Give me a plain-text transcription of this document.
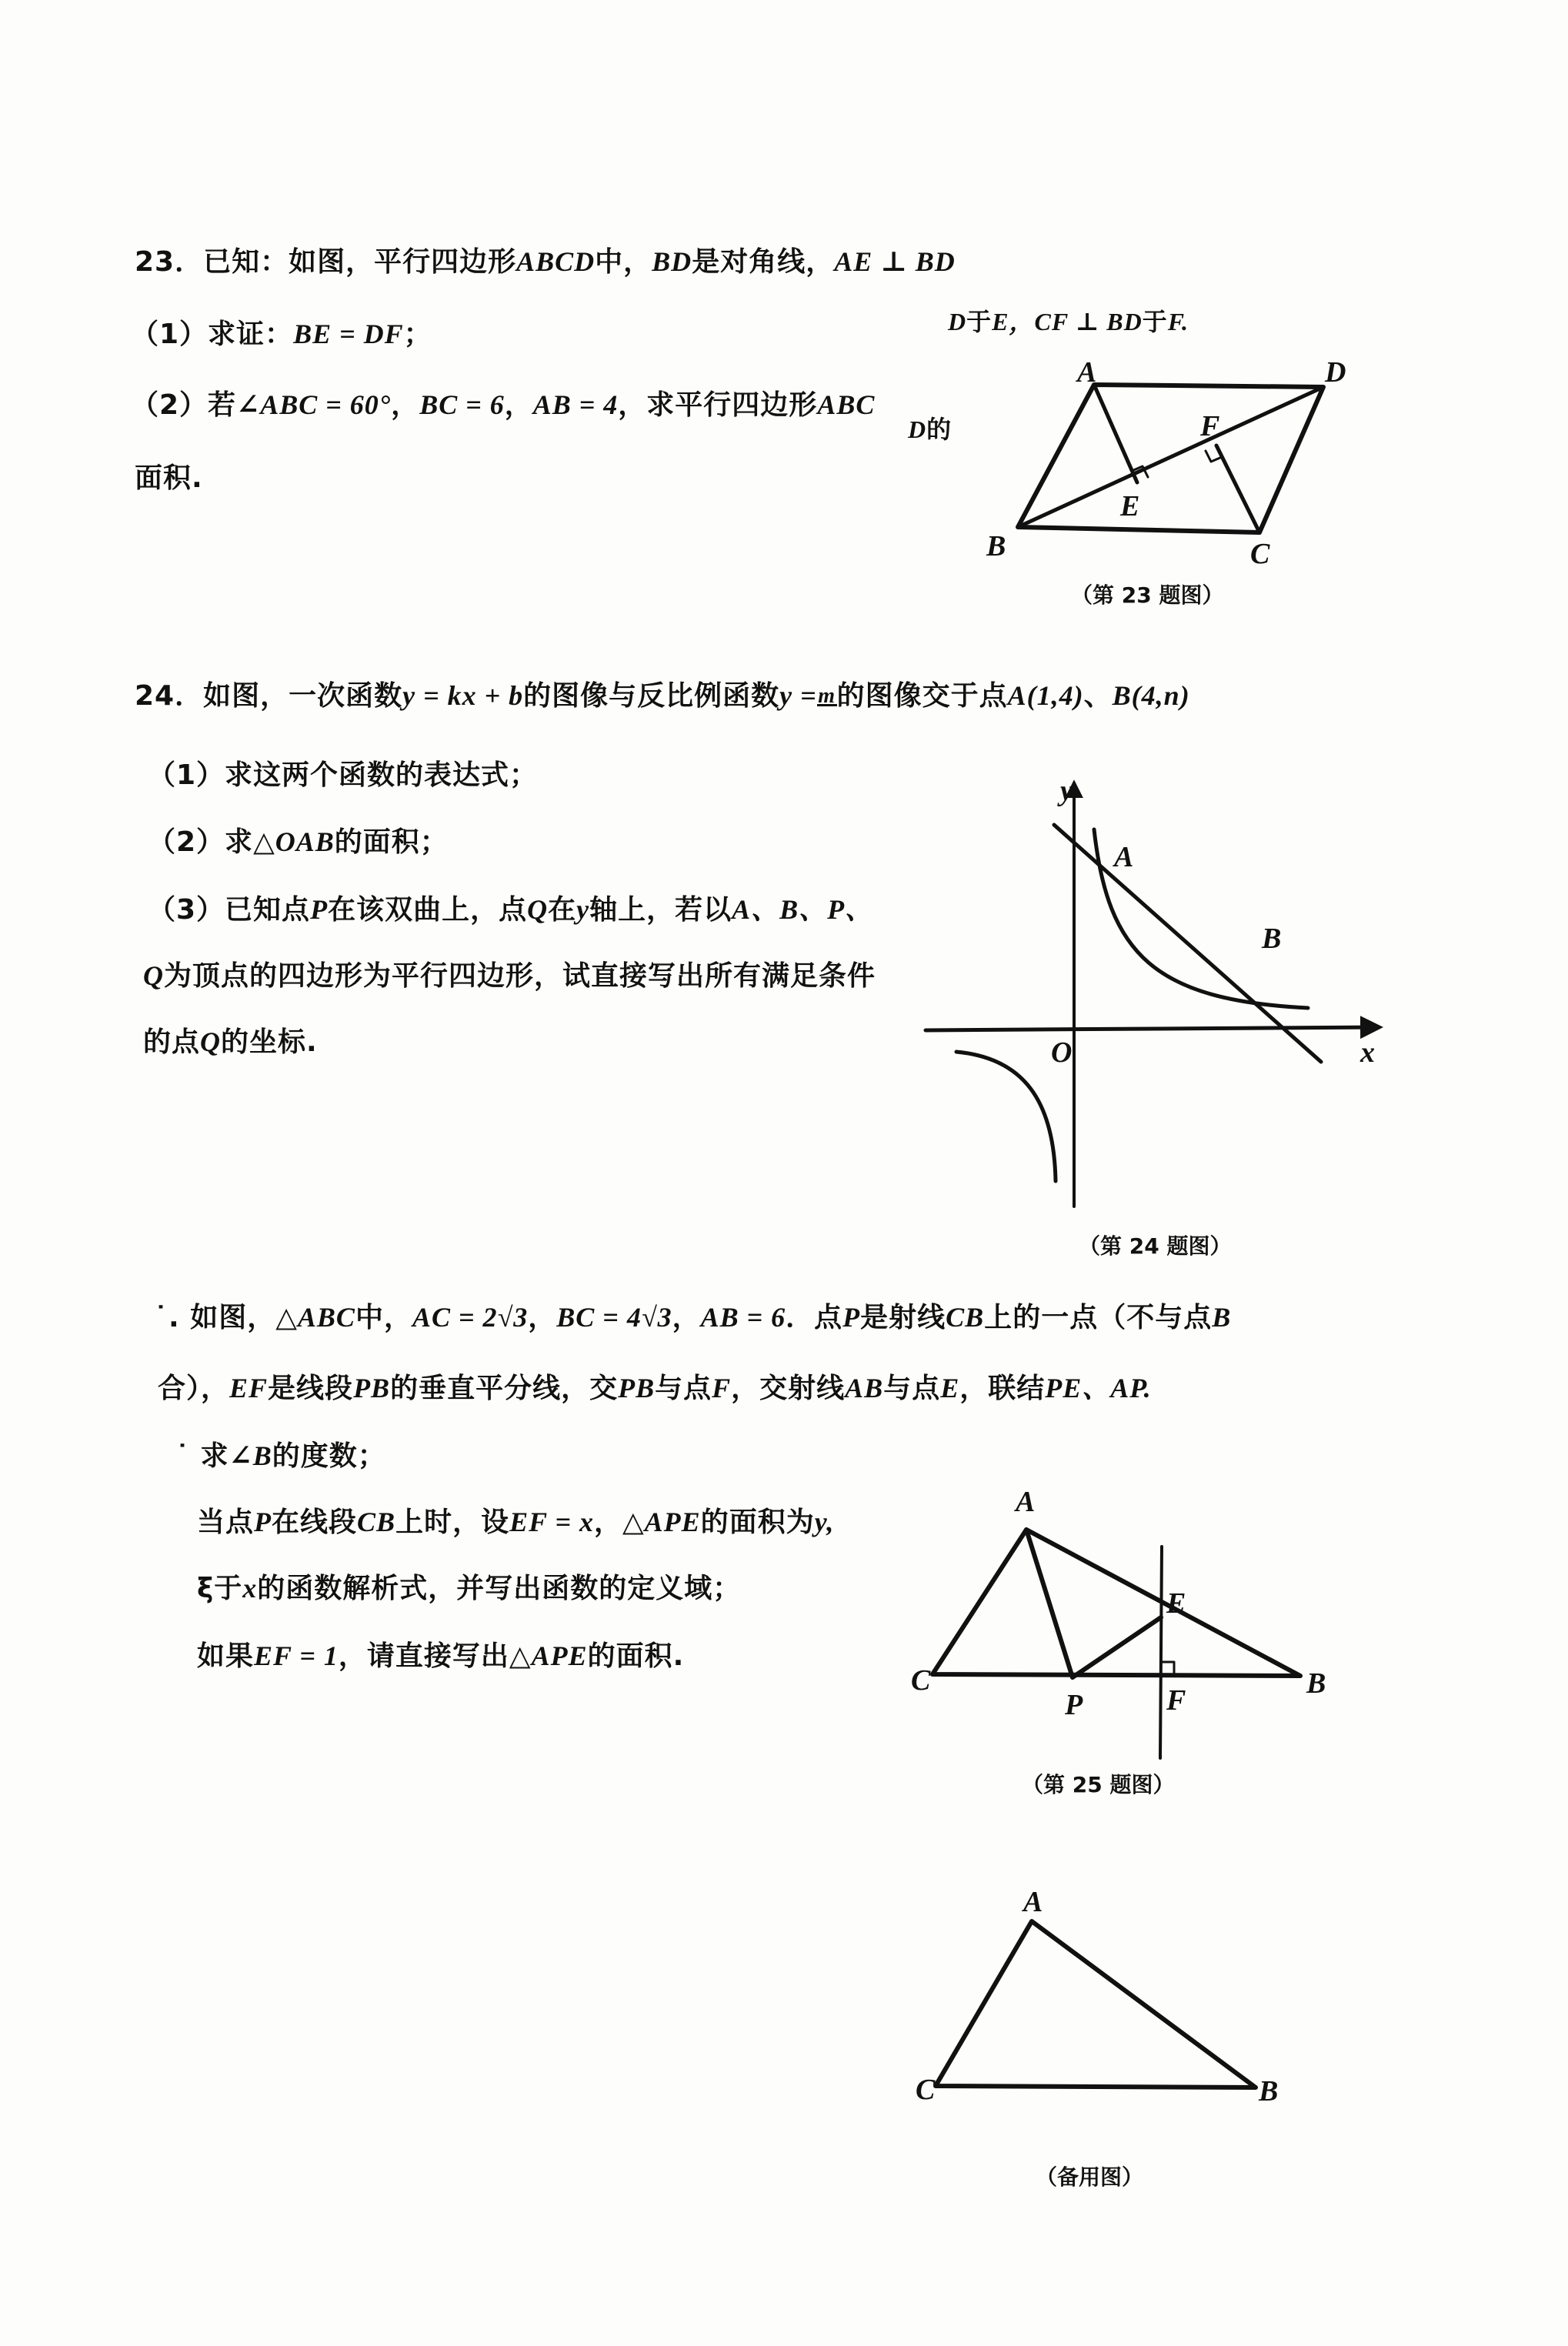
23．已知：如图，平行四边形ABCD中，BD是对角线，AE ⊥ BD
D于E，CF ⊥ BD于F.
（1）求证：BE = DF；
（2）若∠ABC = 60°，BC = 6，AB = 4，求平行四边形ABC
D的
面积.
A	D
F
E
B	C
（第 23 题图）
24．如图，一次函数y = kx + b的图像与反比例函数y = m 的图像交于点A(1,4)、B(4,n)
（1）求这两个函数的表达式；
（2）求△OAB的面积；
（3）已知点P在该双曲上，点Q在y轴上，若以A、B、P、
Q为顶点的四边形为平行四边形，试直接写出所有满足条件
的点Q的坐标.
y
A
B
O	x
（第 24 题图）
˙. 如图，△ABC中，AC = 2√3，BC = 4√3，AB = 6．点P是射线CB上的一点（不与点B
合），EF是线段PB的垂直平分线，交PB与点F，交射线AB与点E，联结PE、AP.
˙ 求∠B的度数；
当点P在线段CB上时，设EF = x，△APE的面积为y,
ξ于x的函数解析式，并写出函数的定义域；
如果EF = 1，请直接写出△APE的面积.
A
E
C	B
P	F
（第 25 题图）
A
C	B
（备用图）
